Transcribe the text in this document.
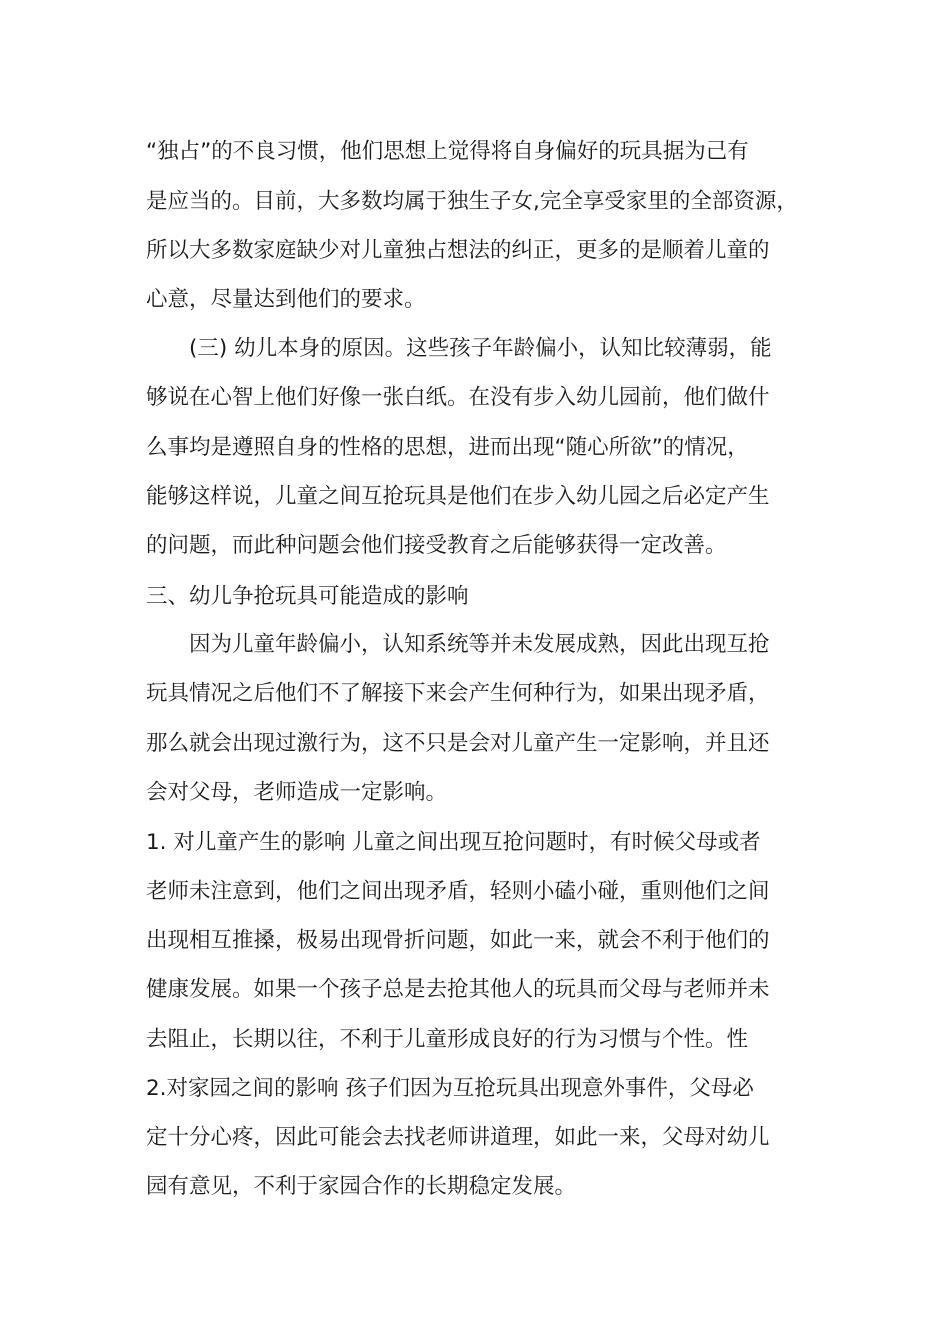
“独占”的不良习惯，他们思想上觉得将自身偏好的玩具据为己有
是应当的。目前，大多数均属于独生子女,完全享受家里的全部资源，
所以大多数家庭缺少对儿童独占想法的纠正，更多的是顺着儿童的
心意，尽量达到他们的要求。
(三) 幼儿本身的原因。这些孩子年龄偏小，认知比较薄弱，能
够说在心智上他们好像一张白纸。在没有步入幼儿园前，他们做什
么事均是遵照自身的性格的思想，进而出现“随心所欲”的情况，
能够这样说，儿童之间互抢玩具是他们在步入幼儿园之后必定产生
的问题，而此种问题会他们接受教育之后能够获得一定改善。
三、幼儿争抢玩具可能造成的影响
因为儿童年龄偏小，认知系统等并未发展成熟，因此出现互抢
玩具情况之后他们不了解接下来会产生何种行为，如果出现矛盾，
那么就会出现过激行为，这不只是会对儿童产生一定影响，并且还
会对父母，老师造成一定影响。
1. 对儿童产生的影响 儿童之间出现互抢问题时，有时候父母或者
老师未注意到，他们之间出现矛盾，轻则小磕小碰，重则他们之间
出现相互推搡，极易出现骨折问题，如此一来，就会不利于他们的
健康发展。如果一个孩子总是去抢其他人的玩具而父母与老师并未
去阻止，长期以往，不利于儿童形成良好的行为习惯与个性。性
2.对家园之间的影响 孩子们因为互抢玩具出现意外事件，父母必
定十分心疼，因此可能会去找老师讲道理，如此一来，父母对幼儿
园有意见，不利于家园合作的长期稳定发展。
